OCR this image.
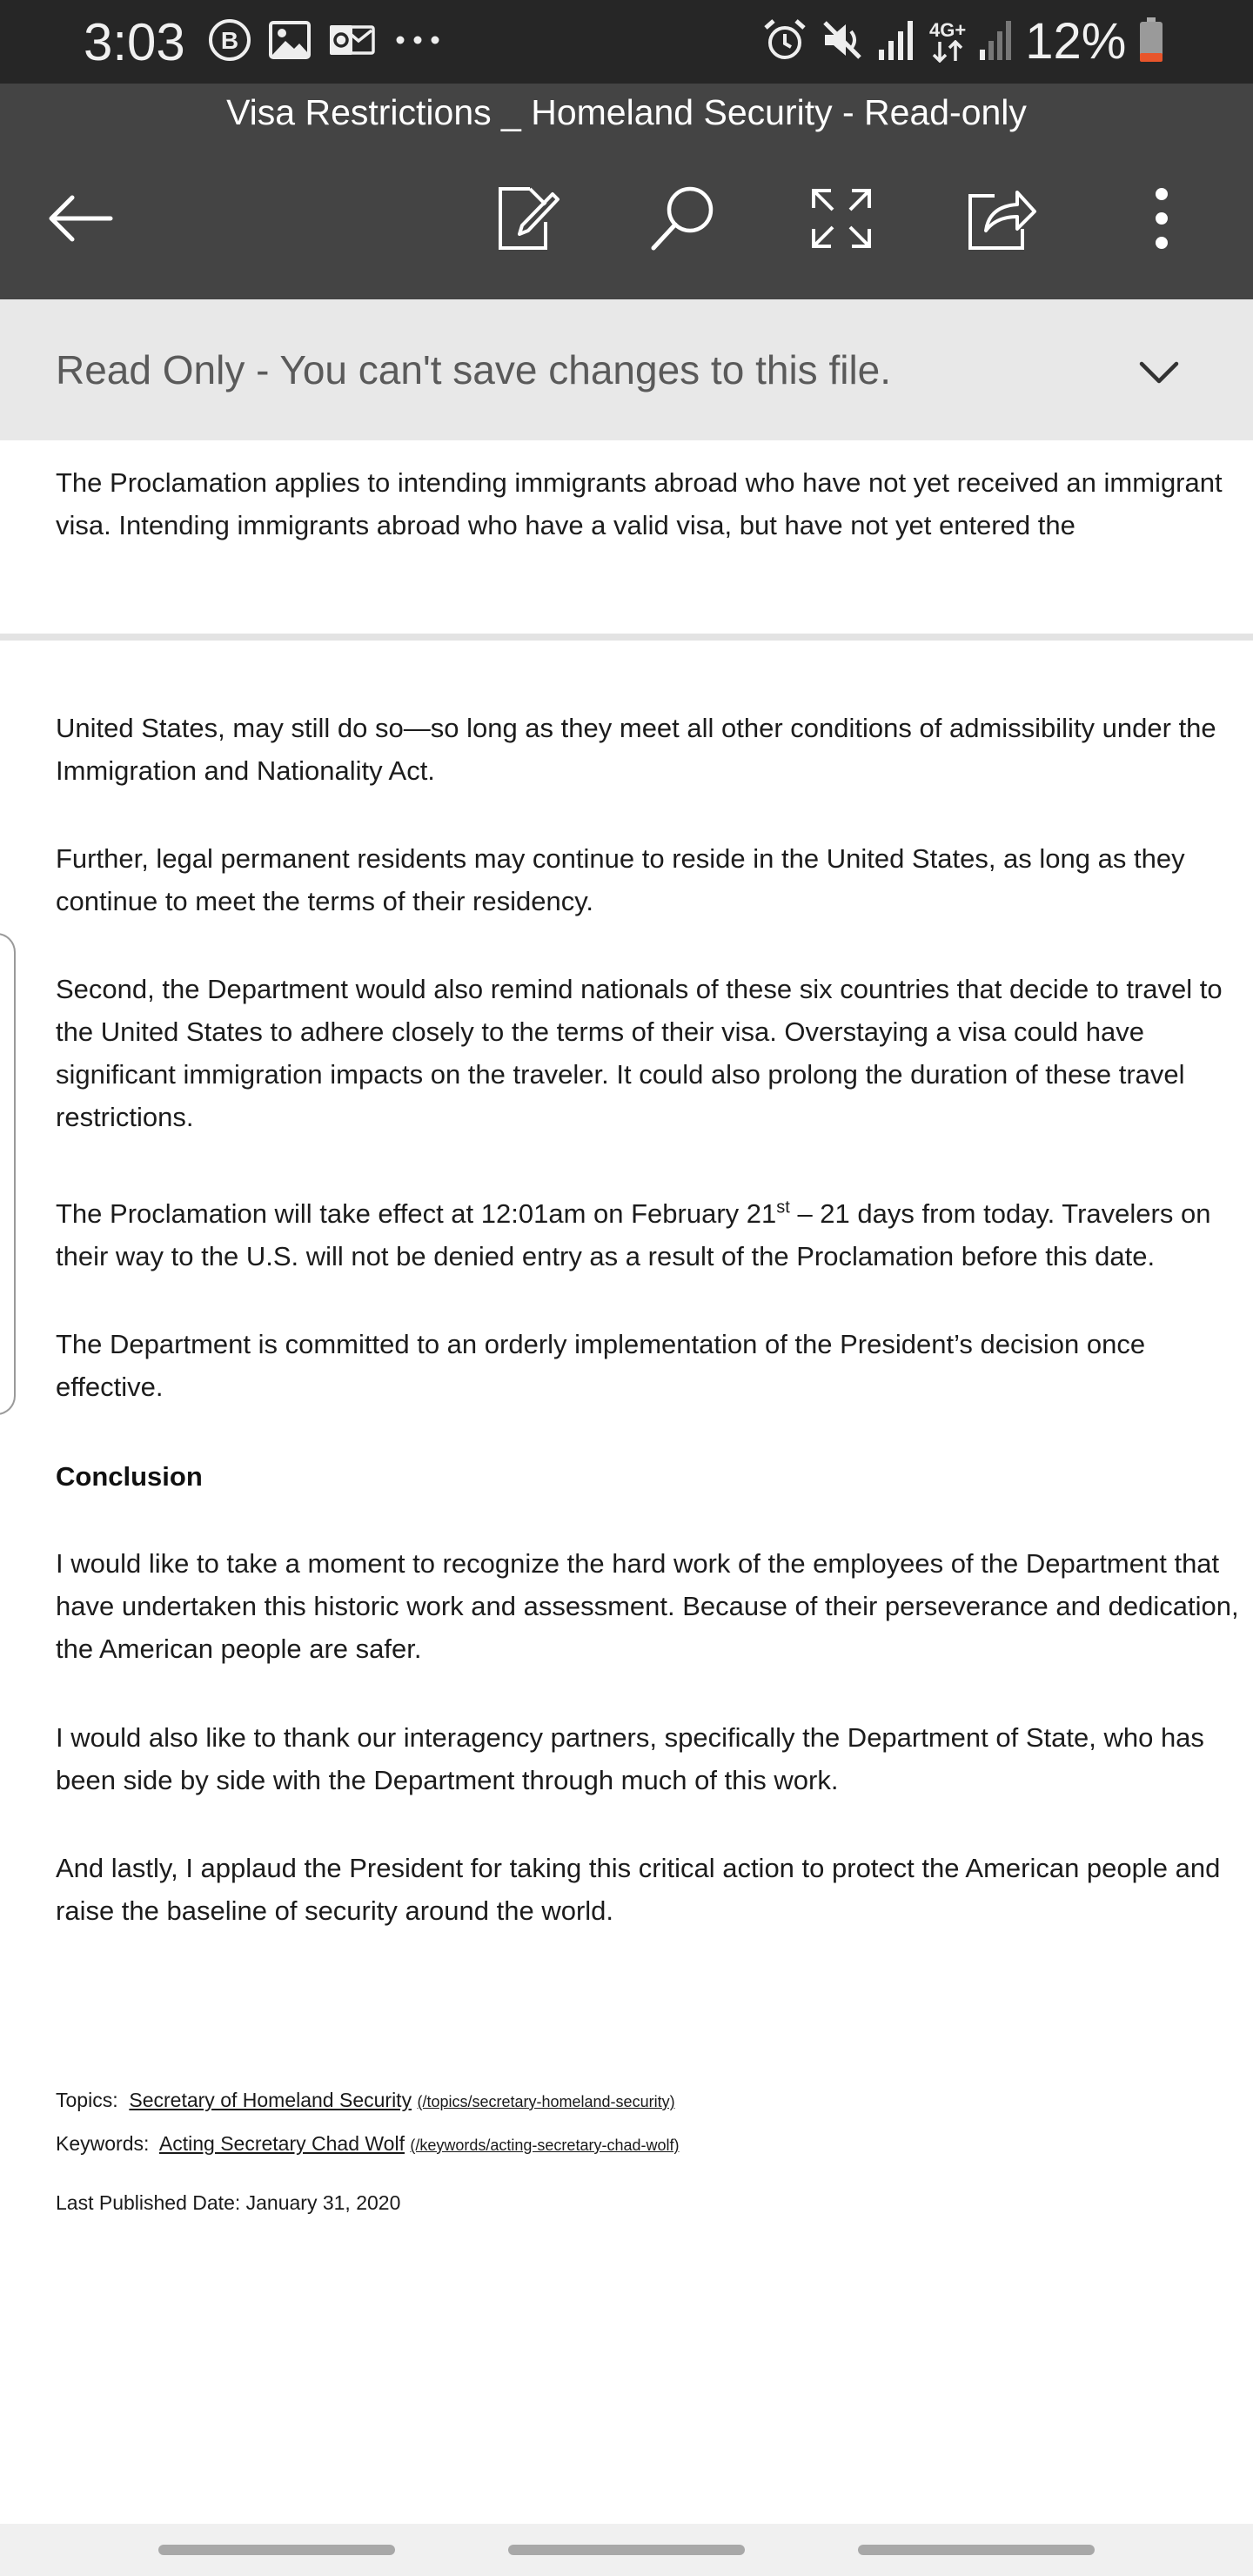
3:03 B	4G+ 12%
Visa Restrictions _ Homeland Security - Read-only
Read Only - You can't save changes to this file.
The Proclamation applies to intending immigrants abroad who have not yet received an immigrant visa. Intending immigrants abroad who have a valid visa, but have not yet entered the
United States, may still do so—so long as they meet all other conditions of admissibility under the Immigration and Nationality Act.
Further, legal permanent residents may continue to reside in the United States, as long as they continue to meet the terms of their residency.
Second, the Department would also remind nationals of these six countries that decide to travel to the United States to adhere closely to the terms of their visa. Overstaying a visa could have significant immigration impacts on the traveler. It could also prolong the duration of these travel restrictions.
The Proclamation will take effect at 12:01am on February 21st – 21 days from today. Travelers on their way to the U.S. will not be denied entry as a result of the Proclamation before this date.
The Department is committed to an orderly implementation of the President’s decision once effective.
Conclusion
I would like to take a moment to recognize the hard work of the employees of the Department that have undertaken this historic work and assessment. Because of their perseverance and dedication, the American people are safer.
I would also like to thank our interagency partners, specifically the Department of State, who has been side by side with the Department through much of this work.
And lastly, I applaud the President for taking this critical action to protect the American people and raise the baseline of security around the world.
Topics: Secretary of Homeland Security (/topics/secretary-homeland-security)
Keywords: Acting Secretary Chad Wolf (/keywords/acting-secretary-chad-wolf)
Last Published Date: January 31, 2020
